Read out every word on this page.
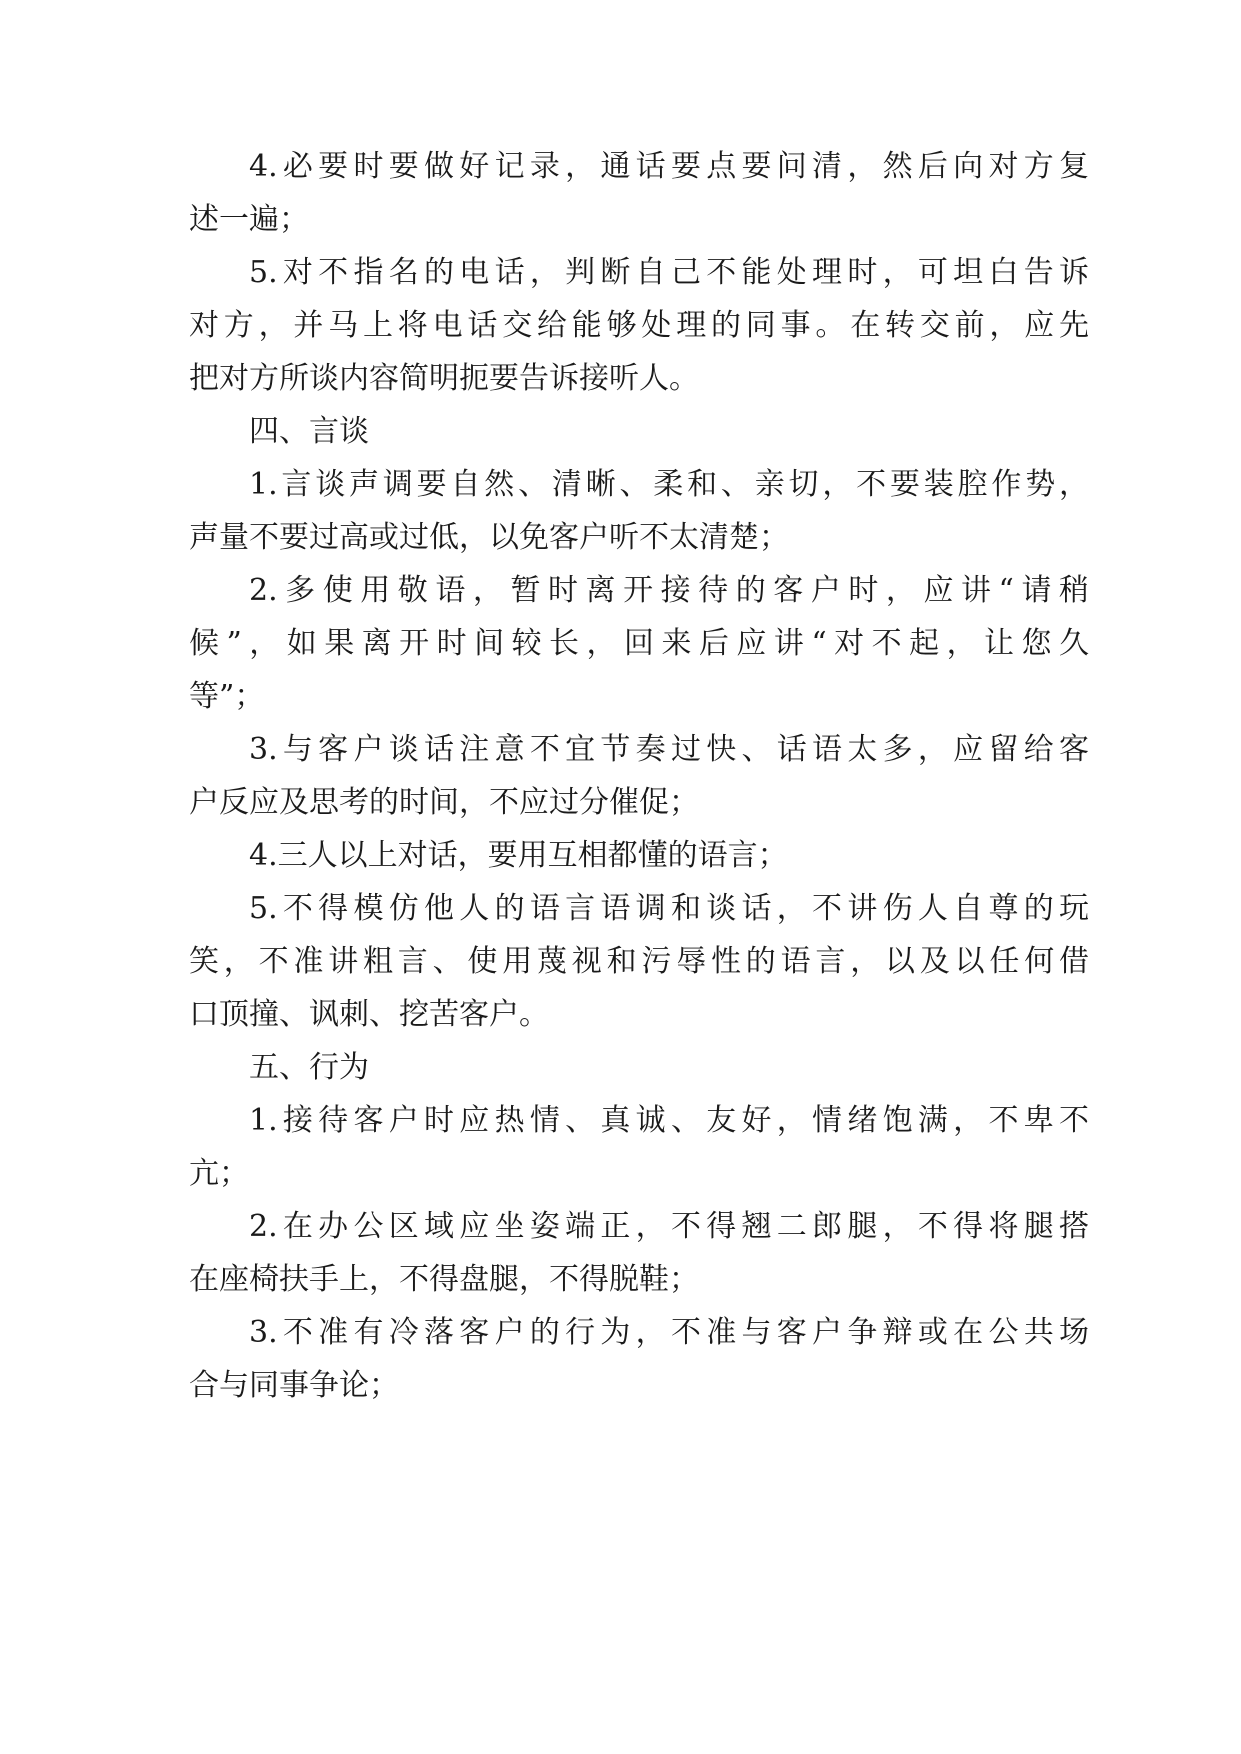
4.必要时要做好记录，通话要点要问清，然后向对方复
述一遍；
5.对不指名的电话，判断自己不能处理时，可坦白告诉
对方，并马上将电话交给能够处理的同事。在转交前，应先
把对方所谈内容简明扼要告诉接听人。
四、言谈
1.言谈声调要自然、清晰、柔和、亲切，不要装腔作势，
声量不要过高或过低，以免客户听不太清楚；
2.多使用敬语，暂时离开接待的客户时，应讲“请稍
候”，如果离开时间较长，回来后应讲“对不起，让您久
等”；
3.与客户谈话注意不宜节奏过快、话语太多，应留给客
户反应及思考的时间，不应过分催促；
4.三人以上对话，要用互相都懂的语言；
5.不得模仿他人的语言语调和谈话，不讲伤人自尊的玩
笑，不准讲粗言、使用蔑视和污辱性的语言，以及以任何借
口顶撞、讽刺、挖苦客户。
五、行为
1.接待客户时应热情、真诚、友好，情绪饱满，不卑不
亢；
2.在办公区域应坐姿端正，不得翘二郎腿，不得将腿搭
在座椅扶手上，不得盘腿，不得脱鞋；
3.不准有冷落客户的行为，不准与客户争辩或在公共场
合与同事争论；
